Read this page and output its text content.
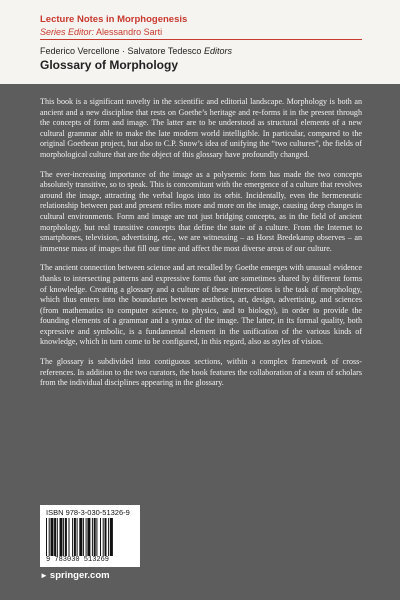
Lecture Notes in Morphogenesis
Series Editor: Alessandro Sarti
Federico Vercellone · Salvatore Tedesco Editors
Glossary of Morphology

This book is a significant novelty in the scientific and editorial landscape. Morphology is both an ancient and a new discipline that rests on Goethe’s heritage and re-forms it in the present through the concepts of form and image. The latter are to be understood as structural elements of a new cultural grammar able to make the late modern world intelligible. In particular, compared to the original Goethean project, but also to C.P. Snow’s idea of unifying the “two cultures”, the fields of morphological culture that are the object of this glossary have profoundly changed.

The ever-increasing importance of the image as a polysemic form has made the two concepts absolutely transitive, so to speak. This is concomitant with the emergence of a culture that revolves around the image, attracting the verbal logos into its orbit. Incidentally, even the hermeneutic relationship between past and present relies more and more on the image, causing deep changes in cultural environments. Form and image are not just bridging concepts, as in the field of ancient morphology, but real transitive concepts that define the state of a culture. From the Internet to smartphones, television, advertising, etc., we are witnessing – as Horst Bredekamp observes – an immense mass of images that fill our time and affect the most diverse areas of our culture.

The ancient connection between science and art recalled by Goethe emerges with unusual evidence thanks to intersecting patterns and expressive forms that are sometimes shared by different forms of knowledge. Creating a glossary and a culture of these intersections is the task of morphology, which thus enters into the boundaries between aesthetics, art, design, advertising, and sciences (from mathematics to computer science, to physics, and to biology), in order to provide the founding elements of a grammar and a syntax of the image. The latter, in its formal quality, both expressive and symbolic, is a fundamental element in the unification of the various kinds of knowledge, which in turn come to be configured, in this regard, also as styles of vision.

The glossary is subdivided into contiguous sections, within a complex framework of cross-references. In addition to the two curators, the book features the collaboration of a team of scholars from the individual disciplines appearing in the glossary.

ISBN 978-3-030-51326-9
9 783030 513269
► springer.com
